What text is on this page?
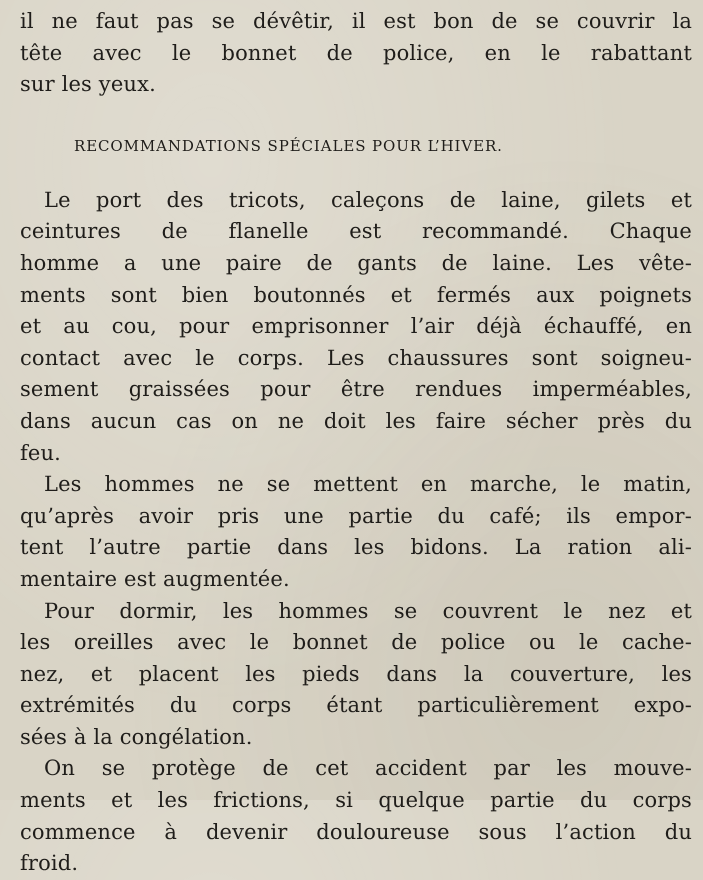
il ne faut pas se dévêtir, il est bon de se couvrir la
tête avec le bonnet de police, en le rabattant
sur les yeux.
RECOMMANDATIONS SPÉCIALES POUR L’HIVER.
Le port des tricots, caleçons de laine, gilets et
ceintures de flanelle est recommandé. Chaque
homme a une paire de gants de laine. Les vête-
ments sont bien boutonnés et fermés aux poignets
et au cou, pour emprisonner l’air déjà échauffé, en
contact avec le corps. Les chaussures sont soigneu-
sement graissées pour être rendues imperméables,
dans aucun cas on ne doit les faire sécher près du
feu.
Les hommes ne se mettent en marche, le matin,
qu’après avoir pris une partie du café; ils empor-
tent l’autre partie dans les bidons. La ration ali-
mentaire est augmentée.
Pour dormir, les hommes se couvrent le nez et
les oreilles avec le bonnet de police ou le cache-
nez, et placent les pieds dans la couverture, les
extrémités du corps étant particulièrement expo-
sées à la congélation.
On se protège de cet accident par les mouve-
ments et les frictions, si quelque partie du corps
commence à devenir douloureuse sous l’action du
froid.
